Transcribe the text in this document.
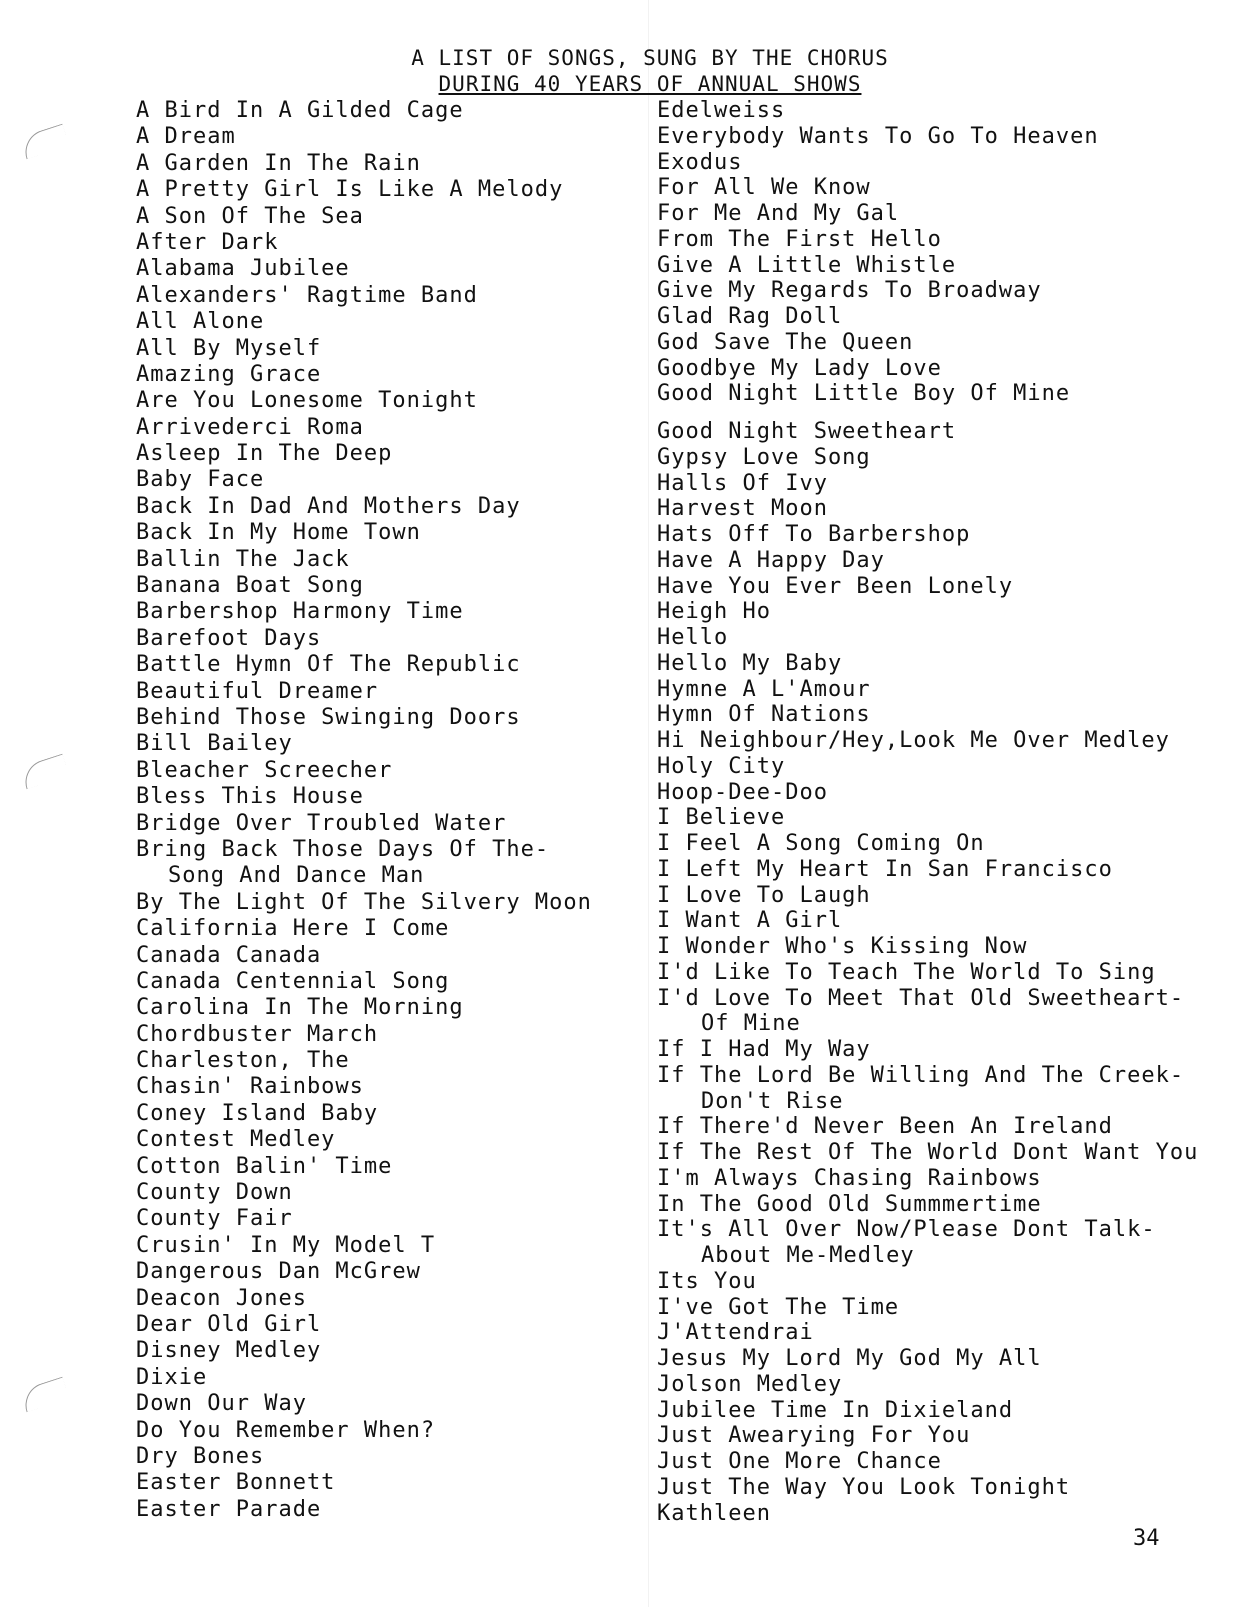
A LIST OF SONGS, SUNG BY THE CHORUS
DURING 40 YEARS OF ANNUAL SHOWS
A Bird In A Gilded Cage
A Dream
A Garden In The Rain
A Pretty Girl Is Like A Melody
A Son Of The Sea
After Dark
Alabama Jubilee
Alexanders' Ragtime Band
All Alone
All By Myself
Amazing Grace
Are You Lonesome Tonight
Arrivederci Roma
Asleep In The Deep
Baby Face
Back In Dad And Mothers Day
Back In My Home Town
Ballin The Jack
Banana Boat Song
Barbershop Harmony Time
Barefoot Days
Battle Hymn Of The Republic
Beautiful Dreamer
Behind Those Swinging Doors
Bill Bailey
Bleacher Screecher
Bless This House
Bridge Over Troubled Water
Bring Back Those Days Of The-
Song And Dance Man
By The Light Of The Silvery Moon
California Here I Come
Canada Canada
Canada Centennial Song
Carolina In The Morning
Chordbuster March
Charleston, The
Chasin' Rainbows
Coney Island Baby
Contest Medley
Cotton Balin' Time
County Down
County Fair
Crusin' In My Model T
Dangerous Dan McGrew
Deacon Jones
Dear Old Girl
Disney Medley
Dixie
Down Our Way
Do You Remember When?
Dry Bones
Easter Bonnett
Easter Parade
Edelweiss
Everybody Wants To Go To Heaven
Exodus
For All We Know
For Me And My Gal
From The First Hello
Give A Little Whistle
Give My Regards To Broadway
Glad Rag Doll
God Save The Queen
Goodbye My Lady Love
Good Night Little Boy Of Mine
Good Night Sweetheart
Gypsy Love Song
Halls Of Ivy
Harvest Moon
Hats Off To Barbershop
Have A Happy Day
Have You Ever Been Lonely
Heigh Ho
Hello
Hello My Baby
Hymne A L'Amour
Hymn Of Nations
Hi Neighbour/Hey,Look Me Over Medley
Holy City
Hoop-Dee-Doo
I Believe
I Feel A Song Coming On
I Left My Heart In San Francisco
I Love To Laugh
I Want A Girl
I Wonder Who's Kissing Now
I'd Like To Teach The World To Sing
I'd Love To Meet That Old Sweetheart-
Of Mine
If I Had My Way
If The Lord Be Willing And The Creek-
Don't Rise
If There'd Never Been An Ireland
If The Rest Of The World Dont Want You
I'm Always Chasing Rainbows
In The Good Old Summmertime
It's All Over Now/Please Dont Talk-
About Me-Medley
Its You
I've Got The Time
J'Attendrai
Jesus My Lord My God My All
Jolson Medley
Jubilee Time In Dixieland
Just Awearying For You
Just One More Chance
Just The Way You Look Tonight
Kathleen
34
